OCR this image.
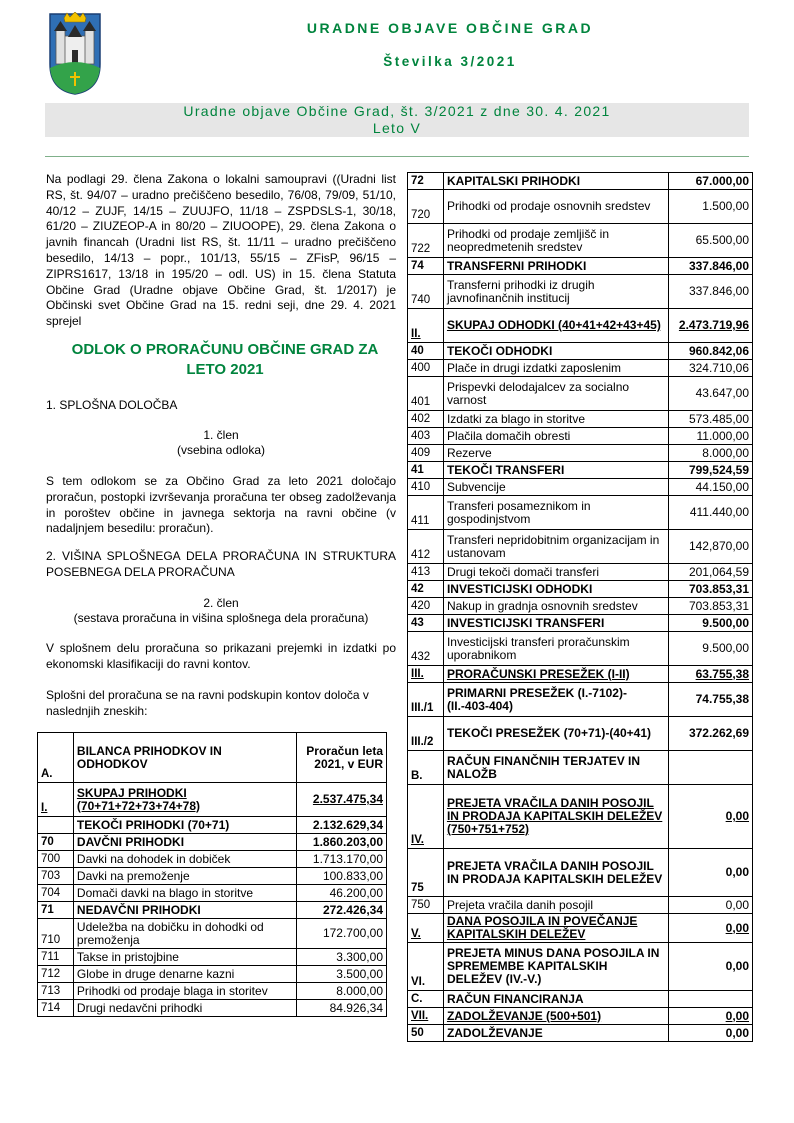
URADNE OBJAVE OBČINE GRAD
Številka 3/2021
Uradne objave Občine Grad, št. 3/2021 z dne 30. 4. 2021
Leto V
Na podlagi 29. člena Zakona o lokalni samoupravi ((Uradni list RS, št. 94/07 – uradno prečiščeno besedilo, 76/08, 79/09, 51/10, 40/12 – ZUJF, 14/15 – ZUUJFO, 11/18 – ZSPDSLS-1, 30/18, 61/20 – ZIUZEOP-A in 80/20 – ZIUOOPE), 29. člena Zakona o javnih financah (Uradni list RS, št. 11/11 – uradno prečiščeno besedilo, 14/13 – popr., 101/13, 55/15 – ZFisP, 96/15 – ZIPRS1617, 13/18 in 195/20 – odl. US) in 15. člena Statuta Občine Grad (Uradne objave Občine Grad, št. 1/2017) je Občinski svet Občine Grad na 15. redni seji, dne 29. 4. 2021 sprejel
ODLOK O PRORAČUNU OBČINE GRAD ZA LETO 2021
1. SPLOŠNA DOLOČBA
1. člen
(vsebina odloka)
S tem odlokom se za Občino Grad za leto 2021 določajo proračun, postopki izvrševanja proračuna ter obseg zadolževanja in poroštev občine in javnega sektorja na ravni občine (v nadaljnjem besedilu: proračun).
2. VIŠINA SPLOŠNEGA DELA PRORAČUNA IN STRUKTURA POSEBNEGA DELA PRORAČUNA
2. člen
(sestava proračuna in višina splošnega dela proračuna)
V splošnem delu proračuna so prikazani prejemki in izdatki po ekonomski klasifikaciji do ravni kontov.
Splošni del proračuna se na ravni podskupin kontov določa v naslednjih zneskih:
A.	BILANCA PRIHODKOV IN ODHODKOV	Proračun leta 2021, v EUR
I.	SKUPAJ PRIHODKI (70+71+72+73+74+78)	2.537.475,34
	TEKOČI PRIHODKI (70+71)	2.132.629,34
70	DAVČNI PRIHODKI	1.860.203,00
700	Davki na dohodek in dobiček	1.713.170,00
703	Davki na premoženje	100.833,00
704	Domači davki na blago in storitve	46.200,00
71	NEDAVČNI PRIHODKI	272.426,34
710	Udeležba na dobičku in dohodki od premoženja	172.700,00
711	Takse in pristojbine	3.300,00
712	Globe in druge denarne kazni	3.500,00
713	Prihodki od prodaje blaga in storitev	8.000,00
714	Drugi nedavčni prihodki	84.926,34
72	KAPITALSKI PRIHODKI	67.000,00
720	Prihodki od prodaje osnovnih sredstev	1.500,00
722	Prihodki od prodaje zemljišč in neopredmetenih sredstev	65.500,00
74	TRANSFERNI PRIHODKI	337.846,00
740	Transferni prihodki iz drugih javnofinančnih institucij	337.846,00
II.	SKUPAJ ODHODKI (40+41+42+43+45)	2.473.719,96
40	TEKOČI ODHODKI	960.842,06
400	Plače in drugi izdatki zaposlenim	324.710,06
401	Prispevki delodajalcev za socialno varnost	43.647,00
402	Izdatki za blago in storitve	573.485,00
403	Plačila domačih obresti	11.000,00
409	Rezerve	8.000,00
41	TEKOČI TRANSFERI	799,524,59
410	Subvencije	44.150,00
411	Transferi posameznikom in gospodinjstvom	411.440,00
412	Transferi nepridobitnim organizacijam in ustanovam	142,870,00
413	Drugi tekoči domači transferi	201,064,59
42	INVESTICIJSKI ODHODKI	703.853,31
420	Nakup in gradnja osnovnih sredstev	703.853,31
43	INVESTICIJSKI TRANSFERI	9.500,00
432	Investicijski transferi proračunskim uporabnikom	9.500,00
III.	PRORAČUNSKI PRESEŽEK (I-II)	63.755,38
III./1	PRIMARNI PRESEŽEK (I.-7102)-(II.-403-404)	74.755,38
III./2	TEKOČI PRESEŽEK (70+71)-(40+41)	372.262,69
B.	RAČUN FINANČNIH TERJATEV IN NALOŽB	
IV.	PREJETA VRAČILA DANIH POSOJIL IN PRODAJA KAPITALSKIH DELEŽEV (750+751+752)	0,00
75	PREJETA VRAČILA DANIH POSOJIL IN PRODAJA KAPITALSKIH DELEŽEV	0,00
750	Prejeta vračila danih posojil	0,00
V.	DANA POSOJILA IN POVEČANJE KAPITALSKIH DELEŽEV	0,00
VI.	PREJETA MINUS DANA POSOJILA IN SPREMEMBE KAPITALSKIH DELEŽEV (IV.-V.)	0,00
C.	RAČUN FINANCIRANJA	
VII.	ZADOLŽEVANJE (500+501)	0,00
50	ZADOLŽEVANJE	0,00
